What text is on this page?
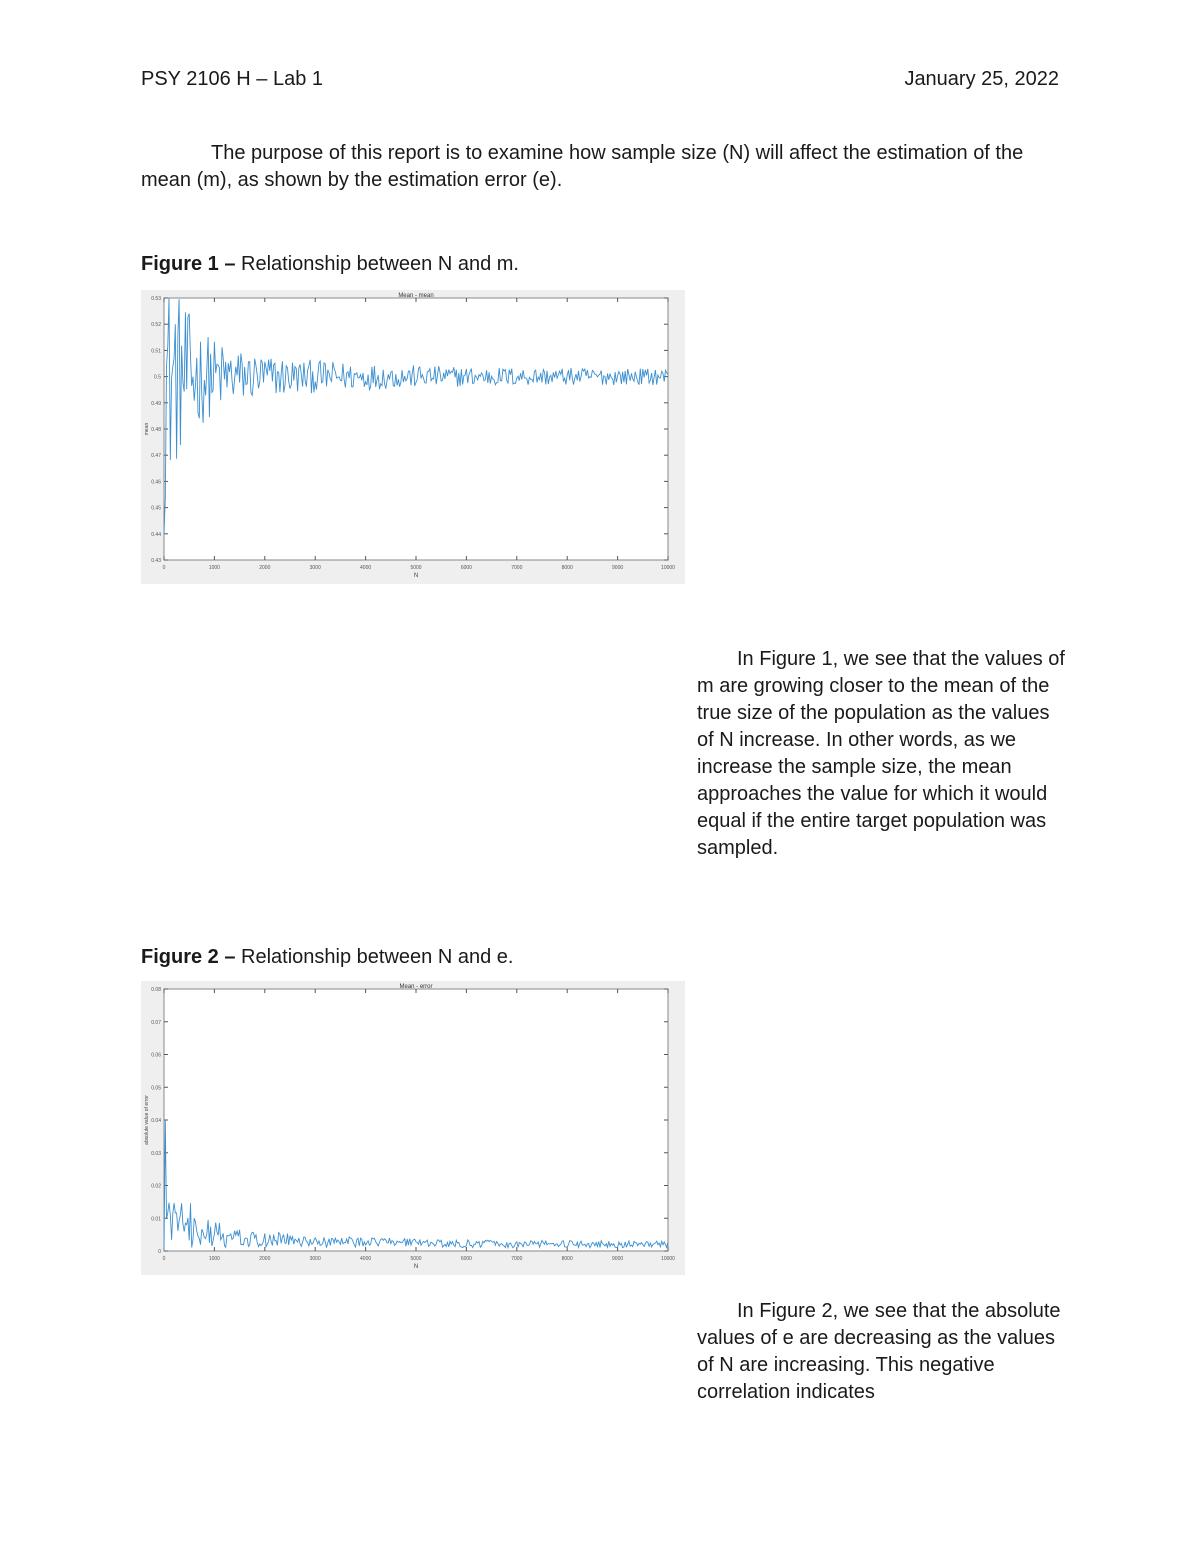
PSY 2106 H – Lab 1	January 25, 2022
The purpose of this report is to examine how sample size (N) will affect the estimation of the mean (m), as shown by the estimation error (e).
Figure 1 – Relationship between N and m.
0.53
0.52
0.51
0.5
0.49
0.48
0.47
0.46
0.45
0.44
0.43
0	1000	2000	3000	4000	5000	6000	7000	8000	9000	10000
Mean - mean
N
mean
In Figure 1, we see that the values of m are growing closer to the mean of the true size of the population as the values of N increase. In other words, as we increase the sample size, the mean approaches the value for which it would equal if the entire target population was sampled.
Figure 2 – Relationship between N and e.
0.08
0.07
0.06
0.05
0.04
0.03
0.02
0.01
0
0	1000	2000	3000	4000	5000	6000	7000	8000	9000	10000
Mean - error
N
absolute value of error
In Figure 2, we see that the absolute values of e are decreasing as the values of N are increasing. This negative correlation indicates
